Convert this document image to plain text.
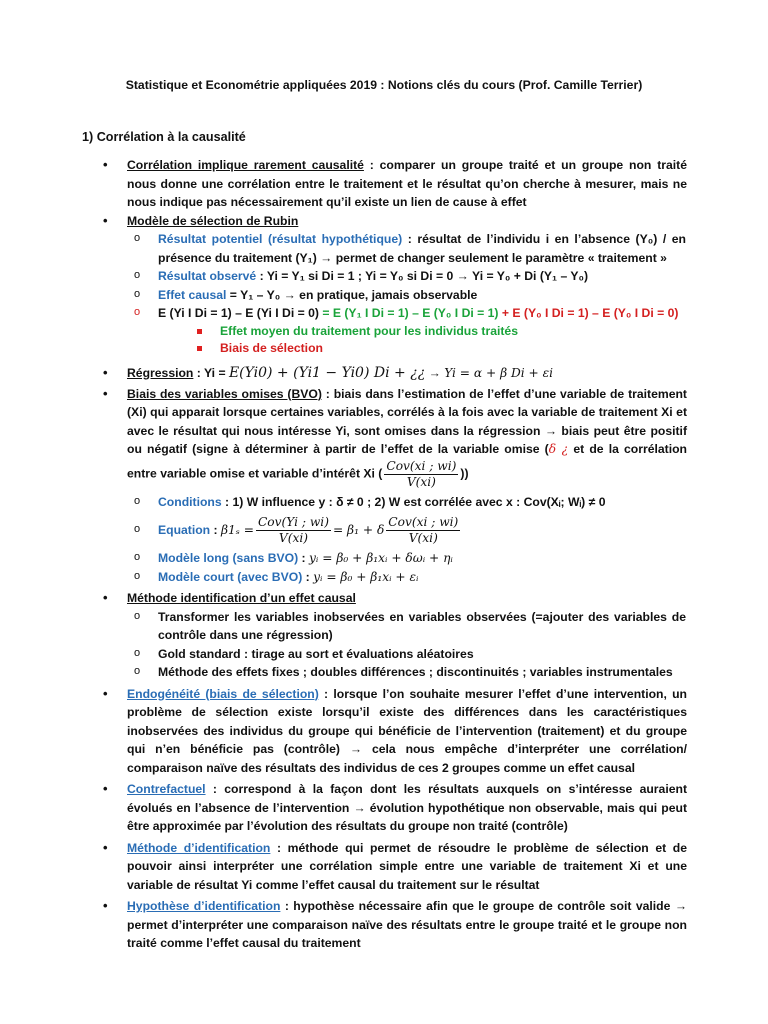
Statistique et Econométrie appliquées 2019 : Notions clés du cours (Prof. Camille Terrier)
1) Corrélation à la causalité
• Corrélation implique rarement causalité : comparer un groupe traité et un groupe non traité nous donne une corrélation entre le traitement et le résultat qu’on cherche à mesurer, mais ne nous indique pas nécessairement qu’il existe un lien de cause à effet
• Modèle de sélection de Rubin
o Résultat potentiel (résultat hypothétique) : résultat de l’individu i en l’absence (Y₀) / en présence du traitement (Y₁) → permet de changer seulement le paramètre « traitement »
o Résultat observé : Yi = Y₁ si Di = 1 ; Yi = Y₀ si Di = 0 → Yi = Y₀ + Di (Y₁ – Y₀)
o Effet causal = Y₁ – Y₀ → en pratique, jamais observable
o E (Yi I Di = 1) – E (Yi I Di = 0) = E (Y₁ I Di = 1) – E (Y₀ I Di = 1) + E (Y₀ I Di = 1) – E (Y₀ I Di = 0)
Effet moyen du traitement pour les individus traités
Biais de sélection
• Régression : Yi = E(Yi0) + (Yi1 − Yi0) Di + ¿¿ → Yi = α + β Di + εi
• Biais des variables omises (BVO) : biais dans l’estimation de l’effet d’une variable de traitement (Xi) qui apparait lorsque certaines variables, corrélés à la fois avec la variable de traitement Xi et avec le résultat qui nous intéresse Yi, sont omises dans la régression → biais peut être positif ou négatif (signe à déterminer à partir de l’effet de la variable omise (δ ¿ et de la corrélation entre variable omise et variable d’intérêt Xi ( $\frac{\text{Cov(xi ; wi)}}{V(xi)}$ ))
o Conditions : 1) W influence y : δ ≠ 0 ; 2) W est corrélée avec x : Cov(Xᵢ; Wᵢ) ≠ 0
o Equation : $\beta 1_s = \frac{\text{Cov(Yi ; wi)}}{V(xi)} = \beta_1 + \delta \frac{\text{Cov(xi ; wi)}}{V(xi)}$
o Modèle long (sans BVO) : yᵢ = β₀ + β₁xᵢ + δωᵢ + ηᵢ
o Modèle court (avec BVO) : yᵢ = β₀ + β₁xᵢ + εᵢ
• Méthode identification d’un effet causal
o Transformer les variables inobservées en variables observées (=ajouter des variables de contrôle dans une régression)
o Gold standard : tirage au sort et évaluations aléatoires
o Méthode des effets fixes ; doubles différences ; discontinuités ; variables instrumentales
• Endogénéité (biais de sélection) : lorsque l’on souhaite mesurer l’effet d’une intervention, un problème de sélection existe lorsqu’il existe des différences dans les caractéristiques inobservées des individus du groupe qui bénéficie de l’intervention (traitement) et du groupe qui n’en bénéficie pas (contrôle) → cela nous empêche d’interpréter une corrélation/ comparaison naïve des résultats des individus de ces 2 groupes comme un effet causal
• Contrefactuel : correspond à la façon dont les résultats auxquels on s’intéresse auraient évolués en l’absence de l’intervention → évolution hypothétique non observable, mais qui peut être approximée par l’évolution des résultats du groupe non traité (contrôle)
• Méthode d’identification : méthode qui permet de résoudre le problème de sélection et de pouvoir ainsi interpréter une corrélation simple entre une variable de traitement Xi et une variable de résultat Yi comme l’effet causal du traitement sur le résultat
• Hypothèse d’identification : hypothèse nécessaire afin que le groupe de contrôle soit valide → permet d’interpréter une comparaison naïve des résultats entre le groupe traité et le groupe non traité comme l’effet causal du traitement
